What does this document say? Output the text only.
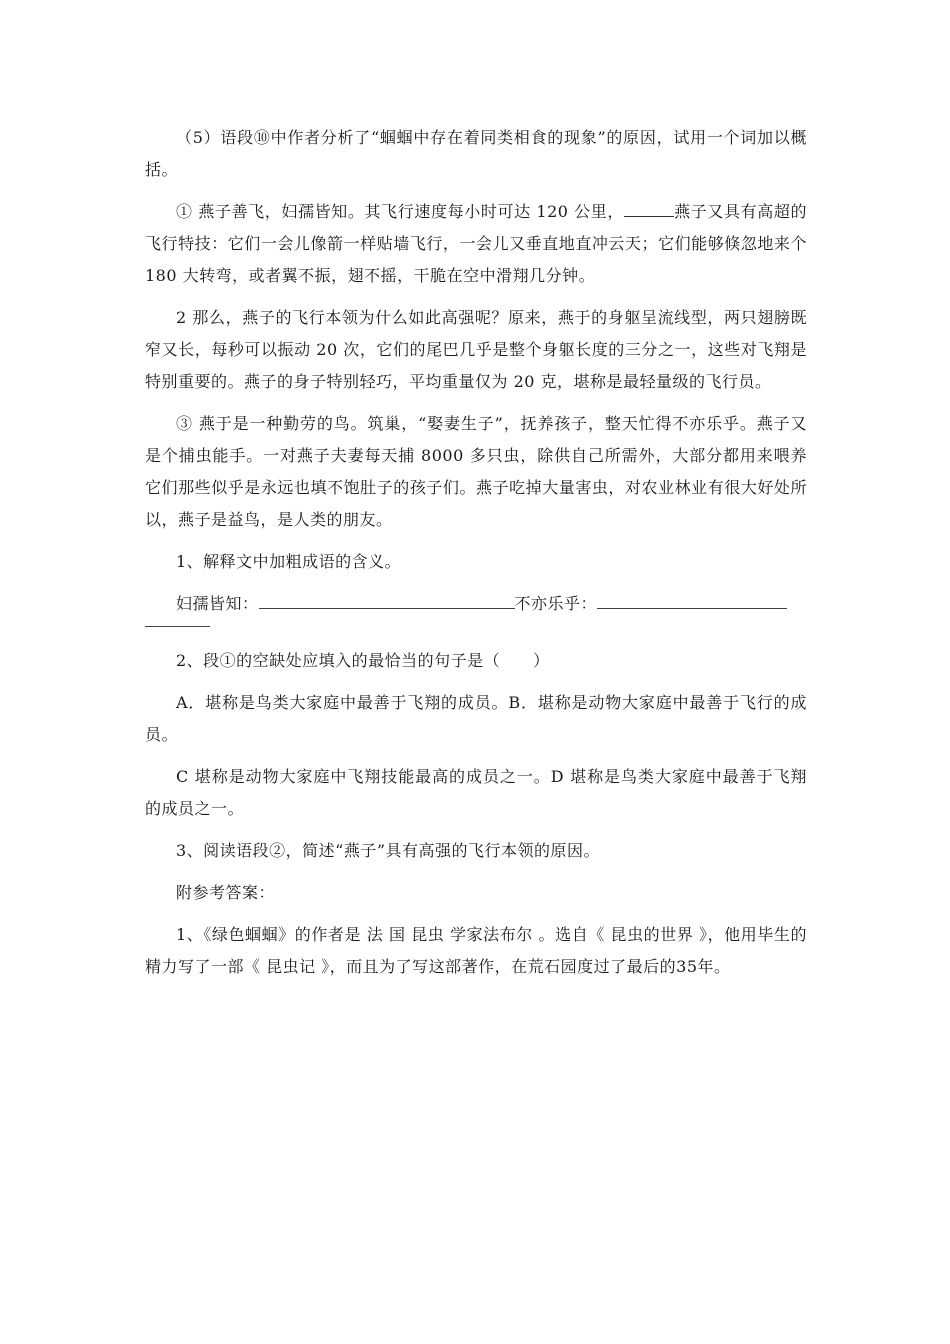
（5）语段⑩中作者分析了“蝈蝈中存在着同类相食的现象”的原因，试用一个词加以概括。

① 燕子善飞，妇孺皆知。其飞行速度每小时可达 120 公里，	燕子又具有高超的飞行特技：它们一会儿像箭一样贴墙飞行，一会儿又垂直地直冲云天；它们能够倏忽地来个 180 大转弯，或者翼不振，翅不摇，干脆在空中滑翔几分钟。

2 那么，燕子的飞行本领为什么如此高强呢？原来，燕于的身躯呈流线型，两只翅膀既窄又长，每秒可以振动 20 次，它们的尾巴几乎是整个身躯长度的三分之一，这些对飞翔是特别重要的。燕子的身子特别轻巧，平均重量仅为 20 克，堪称是最轻量级的飞行员。

③ 燕于是一种勤劳的鸟。筑巢，“娶妻生子”，抚养孩子，整天忙得不亦乐乎。燕子又是个捕虫能手。一对燕子夫妻每天捕 8000 多只虫，除供自己所需外，大部分都用来喂养它们那些似乎是永远也填不饱肚子的孩子们。燕子吃掉大量害虫，对农业林业有很大好处所以，燕子是益鸟，是人类的朋友。

1、解释文中加粗成语的含义。

妇孺皆知：	不亦乐乎：

2、段①的空缺处应填入的最恰当的句子是（　　）

A．堪称是鸟类大家庭中最善于飞翔的成员。B．堪称是动物大家庭中最善于飞行的成员。

C 堪称是动物大家庭中飞翔技能最高的成员之一。D 堪称是鸟类大家庭中最善于飞翔的成员之一。

3、阅读语段②，简述“燕子”具有高强的飞行本领的原因。

附参考答案：

1、《绿色蝈蝈》的作者是 法 国 昆虫 学家法布尔 。选自《 昆虫的世界 》，他用毕生的精力写了一部《 昆虫记 》，而且为了写这部著作，在荒石园度过了最后的35年。
